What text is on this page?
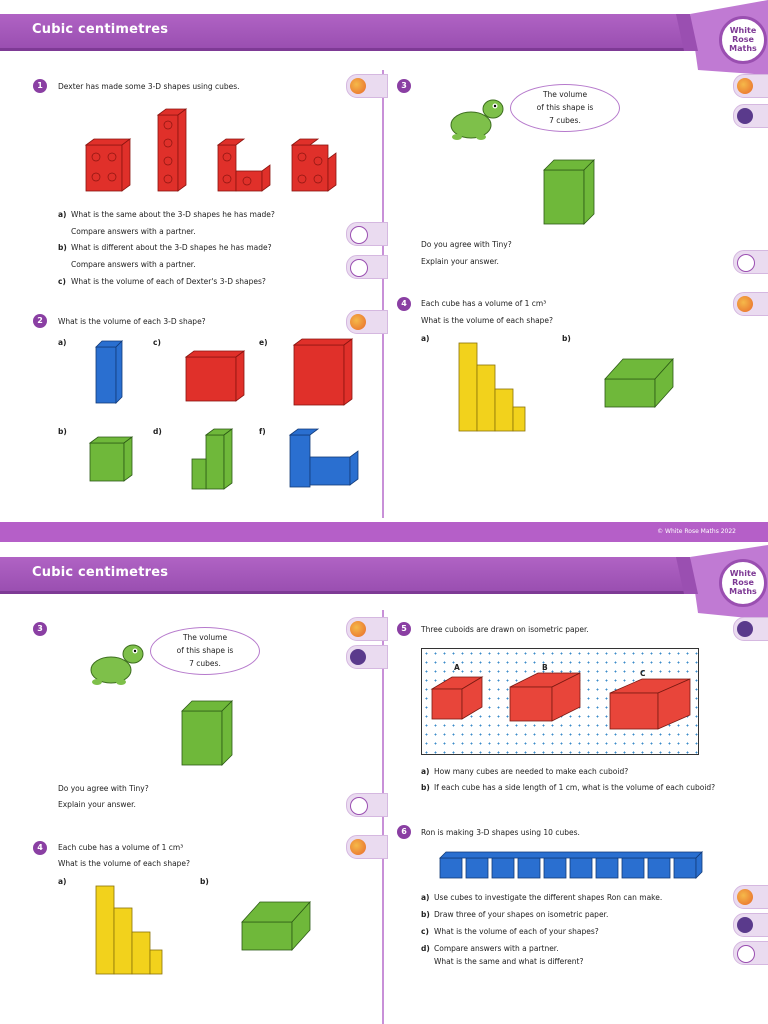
Cubic centimetres	White
Rose
Maths
1	Dexter has made some 3-D shapes using cubes.
a) What is the same about the 3-D shapes he has made?
Compare answers with a partner.
b) What is different about the 3-D shapes he has made?
Compare answers with a partner.
c) What is the volume of each of Dexter's 3-D shapes?
2	What is the volume of each 3-D shape?
a)	c)	e)
b)	d)	f)
3
The volume
of this shape is
7 cubes.
Do you agree with Tiny?
Explain your answer.
4	Each cube has a volume of 1 cm³
What is the volume of each shape?
a)	b)
© White Rose Maths 2022
Cubic centimetres	White
Rose
Maths
3
The volume
of this shape is
7 cubes.
Do you agree with Tiny?
Explain your answer.
4	Each cube has a volume of 1 cm³
What is the volume of each shape?
a)	b)
5	Three cuboids are drawn on isometric paper.
A	B
C
a) How many cubes are needed to make each cuboid?
b) If each cube has a side length of 1 cm, what is the volume of each cuboid?
6	Ron is making 3-D shapes using 10 cubes.
a) Use cubes to investigate the different shapes Ron can make.
b) Draw three of your shapes on isometric paper.
c) What is the volume of each of your shapes?
d) Compare answers with a partner.
What is the same and what is different?
